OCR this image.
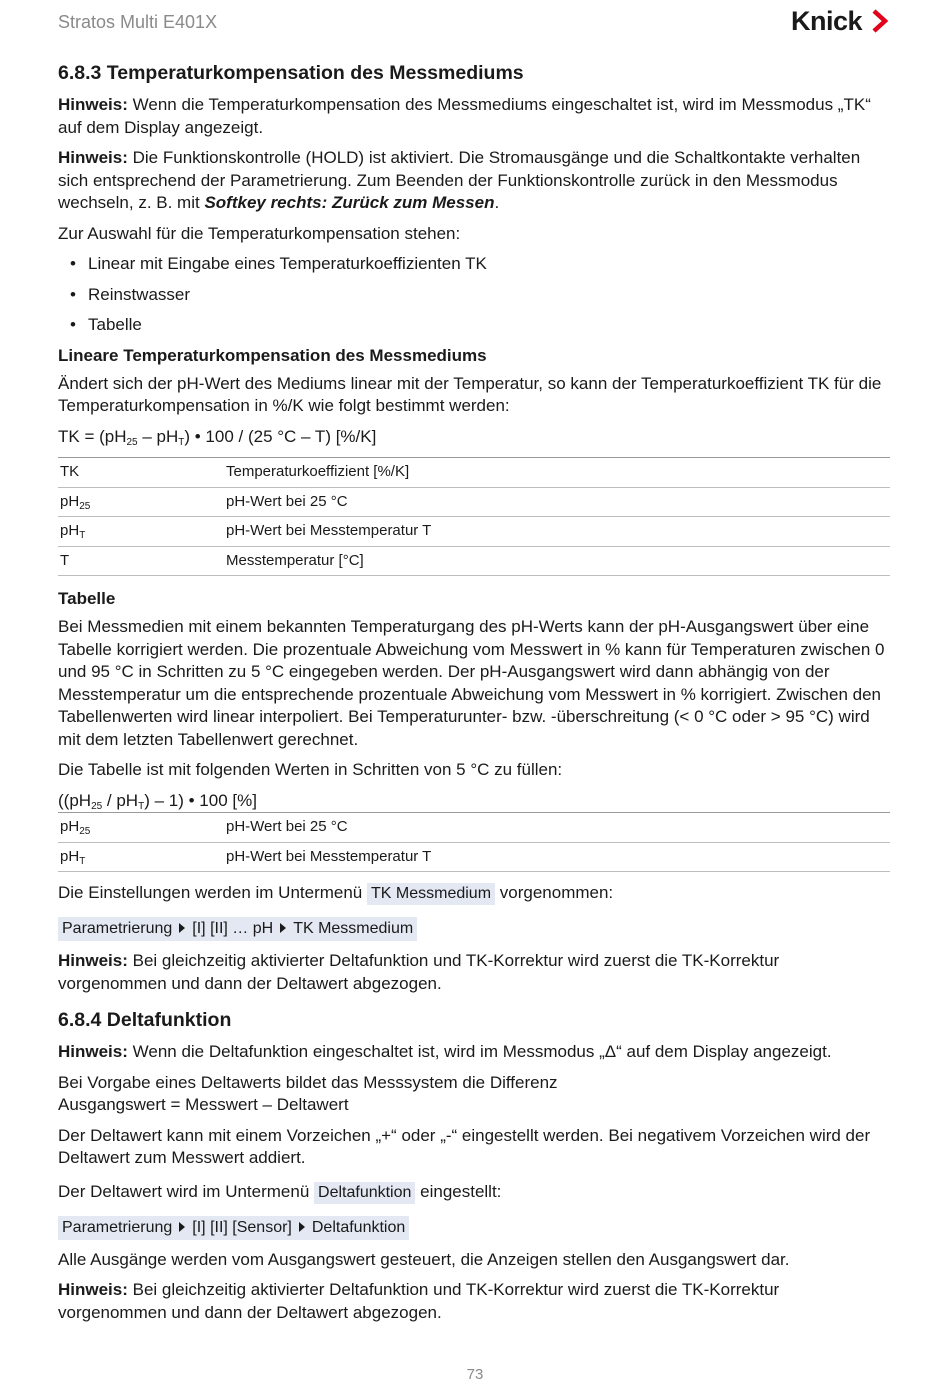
Stratos Multi E401X	Knick
6.8.3 Temperaturkompensation des Messmediums

Hinweis: Wenn die Temperaturkompensation des Messmediums eingeschaltet ist, wird im Messmodus „TK“ auf dem Display angezeigt.

Hinweis: Die Funktionskontrolle (HOLD) ist aktiviert. Die Stromausgänge und die Schaltkontakte verhalten sich entsprechend der Parametrierung. Zum Beenden der Funktionskontrolle zurück in den Messmodus wechseln, z. B. mit Softkey rechts: Zurück zum Messen.

Zur Auswahl für die Temperaturkompensation stehen:

• Linear mit Eingabe eines Temperaturkoeffizienten TK
• Reinstwasser
• Tabelle
Lineare Temperaturkompensation des Messmediums

Ändert sich der pH-Wert des Mediums linear mit der Temperatur, so kann der Temperaturkoeffizient TK für die Temperaturkompensation in %/K wie folgt bestimmt werden:

TK = $(pH_{25} - pH_T)$ • 100 / (25 °C – T) [%/K]

TK	Temperaturkoeffizient [%/K]
$pH_{25}$	pH-Wert bei 25 °C
$pH_T$	pH-Wert bei Messtemperatur T
T	Messtemperatur [°C]
Tabelle

Bei Messmedien mit einem bekannten Temperaturgang des pH-Werts kann der pH-Ausgangswert über eine Tabelle korrigiert werden. Die prozentuale Abweichung vom Messwert in % kann für Temperaturen zwischen 0 und 95 °C in Schritten zu 5 °C eingegeben werden. Der pH-Ausgangswert wird dann abhängig von der Messtemperatur um die entsprechende prozentuale Abweichung vom Messwert in % korrigiert. Zwischen den Tabellenwerten wird linear interpoliert. Bei Temperaturunter- bzw. -überschreitung (< 0 °C oder > 95 °C) wird mit dem letzten Tabellenwert gerechnet.

Die Tabelle ist mit folgenden Werten in Schritten von 5 °C zu füllen:

$((pH_{25} / pH_T) - 1)$ • 100 [%]

$pH_{25}$	pH-Wert bei 25 °C
$pH_T$	pH-Wert bei Messtemperatur T

Die Einstellungen werden im Untermenü TK Messmedium vorgenommen:

Parametrierung [I] [II] … pH TK Messmedium

Hinweis: Bei gleichzeitig aktivierter Deltafunktion und TK-Korrektur wird zuerst die TK-Korrektur vorgenommen und dann der Deltawert abgezogen.

6.8.4 Deltafunktion

Hinweis: Wenn die Deltafunktion eingeschaltet ist, wird im Messmodus „Δ“ auf dem Display angezeigt.

Bei Vorgabe eines Deltawerts bildet das Messsystem die Differenz
Ausgangswert = Messwert – Deltawert

Der Deltawert kann mit einem Vorzeichen „+“ oder „-“ eingestellt werden. Bei negativem Vorzeichen wird der Deltawert zum Messwert addiert.

Der Deltawert wird im Untermenü Deltafunktion eingestellt:

Parametrierung [I] [II] [Sensor] Deltafunktion

Alle Ausgänge werden vom Ausgangswert gesteuert, die Anzeigen stellen den Ausgangswert dar.

Hinweis: Bei gleichzeitig aktivierter Deltafunktion und TK-Korrektur wird zuerst die TK-Korrektur vorgenommen und dann der Deltawert abgezogen.

73
